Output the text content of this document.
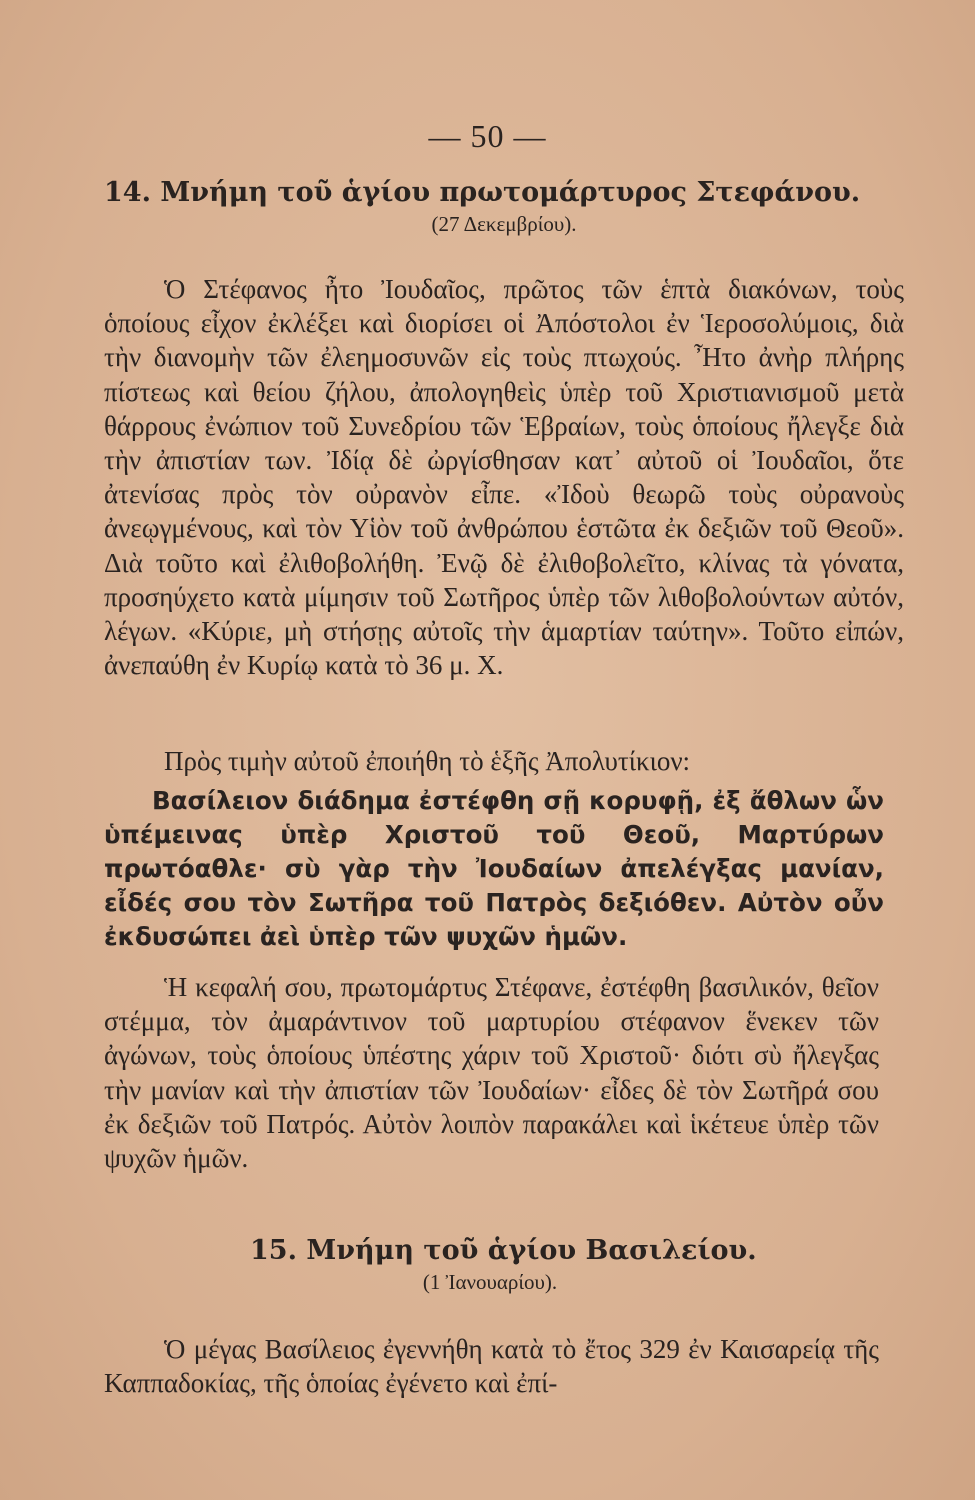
— 50 —
14. Μνήμη τοῦ ἁγίου πρωτομάρτυρος Στεφάνου.
(27 Δεκεμβρίου).

Ὁ Στέφανος ἦτο Ἰουδαῖος, πρῶτος τῶν ἑπτὰ διακόνων, τοὺς ὁποίους εἶχον ἐκλέξει καὶ διορίσει οἱ Ἀπόστολοι ἐν Ἱεροσολύμοις, διὰ τὴν διανομὴν τῶν ἐλεημοσυνῶν εἰς τοὺς πτωχούς. Ἦτο ἀνὴρ πλήρης πίστεως καὶ θείου ζήλου, ἀπολογηθεὶς ὑπὲρ τοῦ Χριστιανισμοῦ μετὰ θάρρους ἐνώπιον τοῦ Συνεδρίου τῶν Ἑβραίων, τοὺς ὁποίους ἤλεγξε διὰ τὴν ἀπιστίαν των. Ἰδίᾳ δὲ ὠργίσθησαν κατ᾽ αὐτοῦ οἱ Ἰουδαῖοι, ὅτε ἀτενίσας πρὸς τὸν οὐρανὸν εἶπε. «Ἰδοὺ θεωρῶ τοὺς οὐρανοὺς ἀνεῳγμένους, καὶ τὸν Υἱὸν τοῦ ἀνθρώπου ἑστῶτα ἐκ δεξιῶν τοῦ Θεοῦ». Διὰ τοῦτο καὶ ἐλιθοβολήθη. Ἐνῷ δὲ ἐλιθοβολεῖτο, κλίνας τὰ γόνατα, προσηύχετο κατὰ μίμησιν τοῦ Σωτῆρος ὑπὲρ τῶν λιθοβολούντων αὐτόν, λέγων. «Κύριε, μὴ στήσῃς αὐτοῖς τὴν ἁμαρτίαν ταύτην». Τοῦτο εἰπών, ἀνεπαύθη ἐν Κυρίῳ κατὰ τὸ 36 μ. Χ.

Πρὸς τιμὴν αὐτοῦ ἐποιήθη τὸ ἑξῆς Ἀπολυτίκιον:

Βασίλειον διάδημα ἐστέφθη σῇ κορυφῇ, ἐξ ἄθλων ὧν ὑπέμεινας ὑπὲρ Χριστοῦ τοῦ Θεοῦ, Μαρτύρων πρωτόαθλε· σὺ γὰρ τὴν Ἰουδαίων ἀπελέγξας μανίαν, εἶδές σου τὸν Σωτῆρα τοῦ Πατρὸς δεξιόθεν. Αὐτὸν οὖν ἐκδυσώπει ἀεὶ ὑπὲρ τῶν ψυχῶν ἡμῶν.

Ἡ κεφαλή σου, πρωτομάρτυς Στέφανε, ἐστέφθη βασιλικόν, θεῖον στέμμα, τὸν ἀμαράντινον τοῦ μαρτυρίου στέφανον ἕνεκεν τῶν ἀγώνων, τοὺς ὁποίους ὑπέστης χάριν τοῦ Χριστοῦ· διότι σὺ ἤλεγξας τὴν μανίαν καὶ τὴν ἀπιστίαν τῶν Ἰουδαίων· εἶδες δὲ τὸν Σωτῆρά σου ἐκ δεξιῶν τοῦ Πατρός. Αὐτὸν λοιπὸν παρακάλει καὶ ἱκέτευε ὑπὲρ τῶν ψυχῶν ἡμῶν.

15. Μνήμη τοῦ ἁγίου Βασιλείου.
(1 Ἰανουαρίου).

Ὁ μέγας Βασίλειος ἐγεννήθη κατὰ τὸ ἔτος 329 ἐν Καισαρείᾳ τῆς Καππαδοκίας, τῆς ὁποίας ἐγένετο καὶ ἐπί-
